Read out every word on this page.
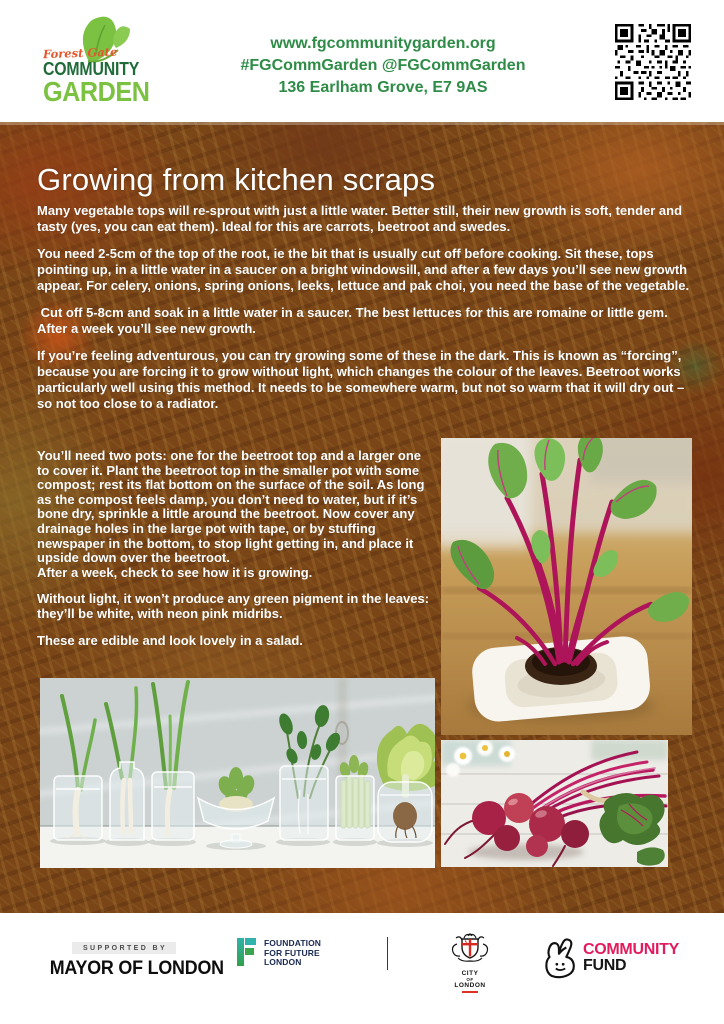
Forest Gate
COMMUNITY
GARDEN
www.fgcommunitygarden.org
#FGCommGarden @FGCommGarden
136 Earlham Grove, E7 9AS
Growing from kitchen scraps

Many vegetable tops will re-sprout with just a little water. Better still, their new growth is soft, tender and tasty (yes, you can eat them). Ideal for this are carrots, beetroot and swedes.

You need 2-5cm of the top of the root, ie the bit that is usually cut off before cooking. Sit these, tops pointing up, in a little water in a saucer on a bright windowsill, and after a few days you’ll see new growth appear. For celery, onions, spring onions, leeks, lettuce and pak choi, you need the base of the vegetable.

Cut off 5-8cm and soak in a little water in a saucer. The best lettuces for this are romaine or little gem. After a week you’ll see new growth.

If you’re feeling adventurous, you can try growing some of these in the dark. This is known as “forcing”, because you are forcing it to grow without light, which changes the colour of the leaves. Beetroot works particularly well using this method. It needs to be somewhere warm, but not so warm that it will dry out – so not too close to a radiator.

You’ll need two pots: one for the beetroot top and a larger one to cover it. Plant the beetroot top in the smaller pot with some compost; rest its flat bottom on the surface of the soil. As long as the compost feels damp, you don’t need to water, but if it’s bone dry, sprinkle a little around the beetroot. Now cover any drainage holes in the large pot with tape, or by stuffing newspaper in the bottom, to stop light getting in, and place it upside down over the beetroot.

After a week, check to see how it is growing.

Without light, it won’t produce any green pigment in the leaves: they’ll be white, with neon pink midribs.

These are edible and look lovely in a salad.

SUPPORTED BY
MAYOR OF LONDON
FOUNDATION
FOR FUTURE
LONDON
CITY
OF
LONDON
COMMUNITY
FUND
